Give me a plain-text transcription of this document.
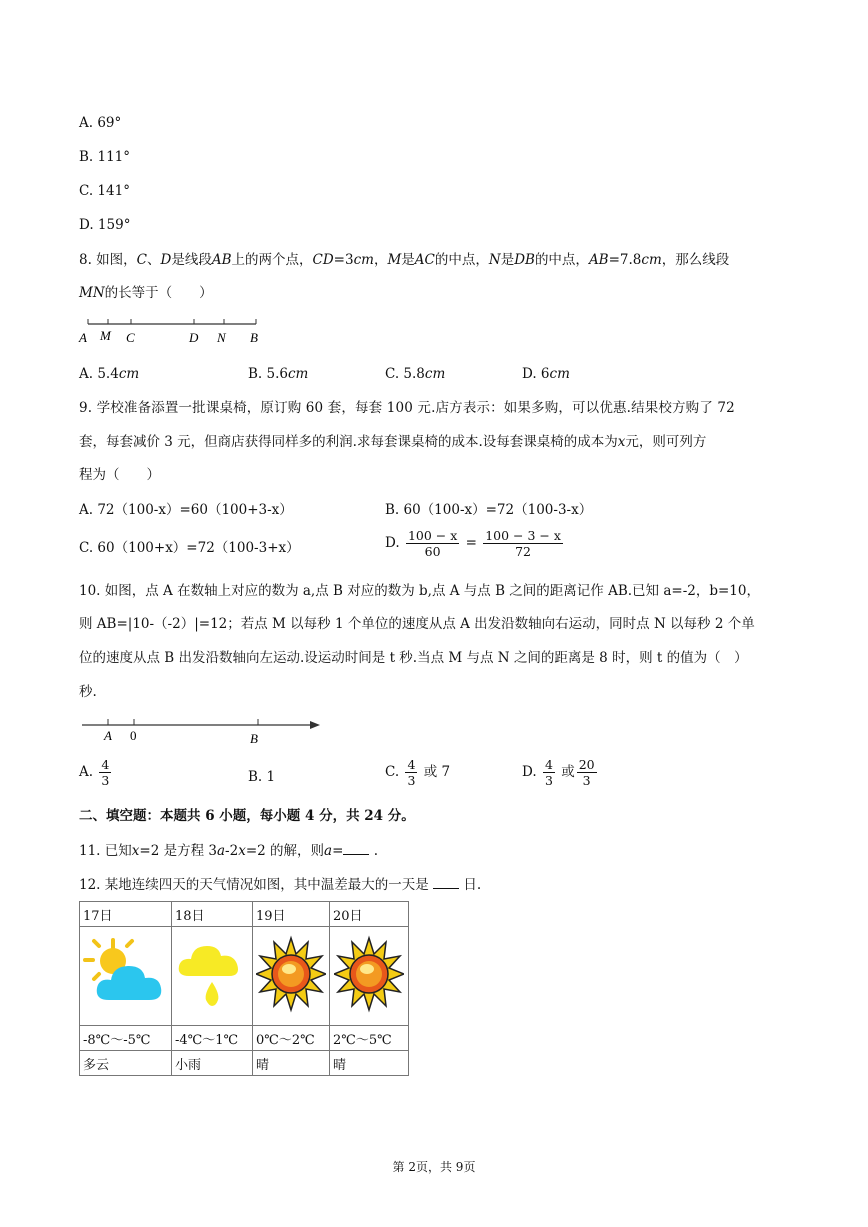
A. 69°
B. 111°
C. 141°
D. 159°
8. 如图，C、D是线段AB上的两个点，CD=3cm，M是AC的中点，N是DB的中点，AB=7.8cm，那么线段
MN的长等于（　　）
A M C	D N B
A. 5.4cm	B. 5.6cm	C. 5.8cm	D. 6cm
9. 学校准备添置一批课桌椅，原订购 60 套，每套 100 元.店方表示：如果多购，可以优惠.结果校方购了 72
套，每套减价 3 元，但商店获得同样多的利润.求每套课桌椅的成本.设每套课桌椅的成本为x元，则可列方
程为（　　）
A. 72（100-x）=60（100+3-x）	B. 60（100-x）=72（100-3-x）
C. 60（100+x）=72（100-3+x）	D. $\frac{100 - x}{60} = \frac{100 - 3 - x}{72}$
10. 如图，点 A 在数轴上对应的数为 a,点 B 对应的数为 b,点 A 与点 B 之间的距离记作 AB.已知 a=-2，b=10，
则 AB=|10-（-2）|=12；若点 M 以每秒 1 个单位的速度从点 A 出发沿数轴向右运动，同时点 N 以每秒 2 个单
位的速度从点 B 出发沿数轴向左运动.设运动时间是 t 秒.当点 M 与点 N 之间的距离是 8 时，则 t 的值为（　）
秒.
A 0	B
A. $\frac{4}{3}$	B. 1	C. $\frac{4}{3}$ 或 7	D. $\frac{4}{3}$ 或 $\frac{20}{3}$
二、填空题：本题共 6 小题，每小题 4 分，共 24 分。
11. 已知x=2 是方程 3a-2x=2 的解，则a= .
12. 某地连续四天的天气情况如图，其中温差最大的一天是	日.
17日	18日	19日	20日

-8℃～-5℃	-4℃～1℃	0℃～2℃	2℃～5℃
多云	小雨	晴	晴
第 2页，共 9页
